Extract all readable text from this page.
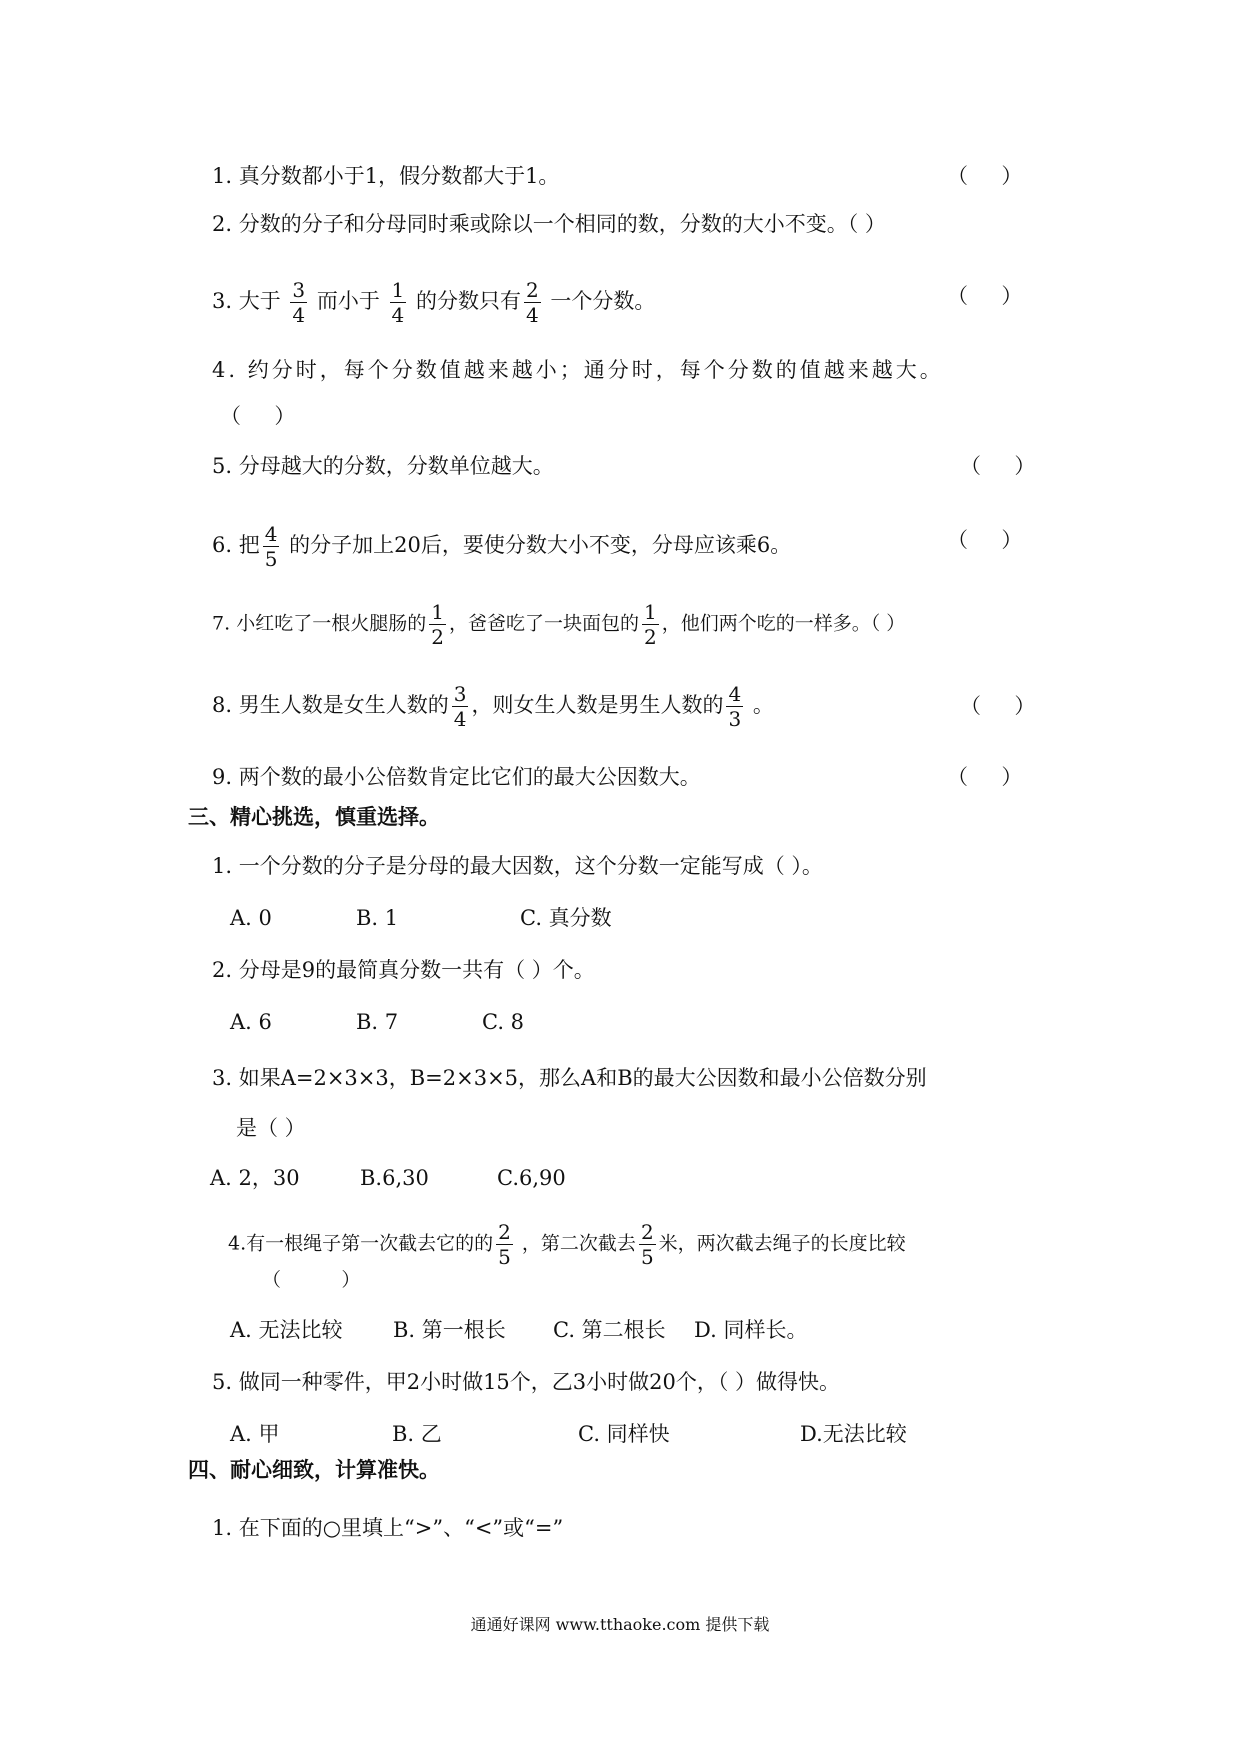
1. 真分数都小于1，假分数都大于1。	（     ）
2. 分数的分子和分母同时乘或除以一个相同的数，分数的大小不变。（ ）
3. 大于 $\frac{3}{4}$ 而小于 $\frac{1}{4}$ 的分数只有 $\frac{2}{4}$ 一个分数。	（     ）
4. 约分时，每个分数值越来越小；通分时，每个分数的值越来越大。
（     ）
5. 分母越大的分数，分数单位越大。	（     ）
6. 把 $\frac{4}{5}$ 的分子加上20后，要使分数大小不变，分母应该乘6。	（     ）
7. 小红吃了一根火腿肠的 $\frac{1}{2}$ ，爸爸吃了一块面包的 $\frac{1}{2}$ ，他们两个吃的一样多。（ ）
8. 男生人数是女生人数的 $\frac{3}{4}$ ，则女生人数是男生人数的 $\frac{4}{3}$ 。	（     ）
9. 两个数的最小公倍数肯定比它们的最大公因数大。	（     ）
三、精心挑选，慎重选择。
1. 一个分数的分子是分母的最大因数，这个分数一定能写成（ ）。
A. 0	B. 1	C. 真分数
2. 分母是9的最简真分数一共有（ ）个。
A. 6	B. 7	C. 8
3. 如果A=2×3×3，B=2×3×5，那么A和B的最大公因数和最小公倍数分别
是（ ）
A. 2，30	B.6,30	C.6,90
4.有一根绳子第一次截去它的的 $\frac{2}{5}$ ，第二次截去 $\frac{2}{5}$ 米，两次截去绳子的长度比较
（          ）
A. 无法比较 B. 第一根长 C. 第二根长 D. 同样长。
5. 做同一种零件，甲2小时做15个，乙3小时做20个，（ ）做得快。
A. 甲	B. 乙	C. 同样快	D.无法比较
四、耐心细致，计算准快。
1. 在下面的○里填上“>”、“<”或“=”
通通好课网 www.tthaoke.com 提供下载
